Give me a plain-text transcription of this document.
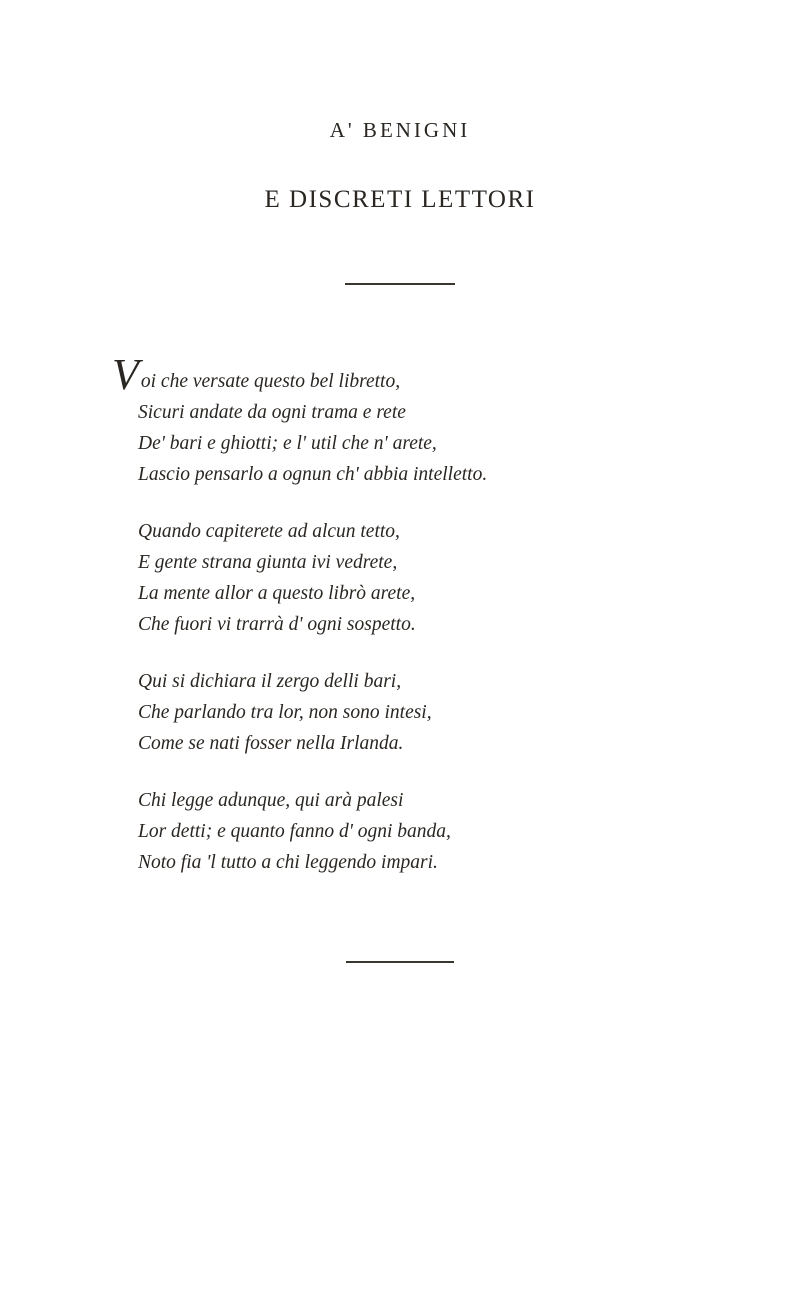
A' BENIGNI
E DISCRETI LETTORI
Voi che versate questo bel libretto,
Sicuri andate da ogni trama e rete
De' bari e ghiotti; e l' util che n' arete,
Lascio pensarlo a ognun ch' abbia intelletto.
Quando capiterete ad alcun tetto,
E gente strana giunta ivi vedrete,
La mente allor a questo librò arete,
Che fuori vi trarrà d' ogni sospetto.
Qui si dichiara il zergo delli bari,
Che parlando tra lor, non sono intesi,
Come se nati fosser nella Irlanda.
Chi legge adunque, qui arà palesi
Lor detti; e quanto fanno d' ogni banda,
Noto fia 'l tutto a chi leggendo impari.
